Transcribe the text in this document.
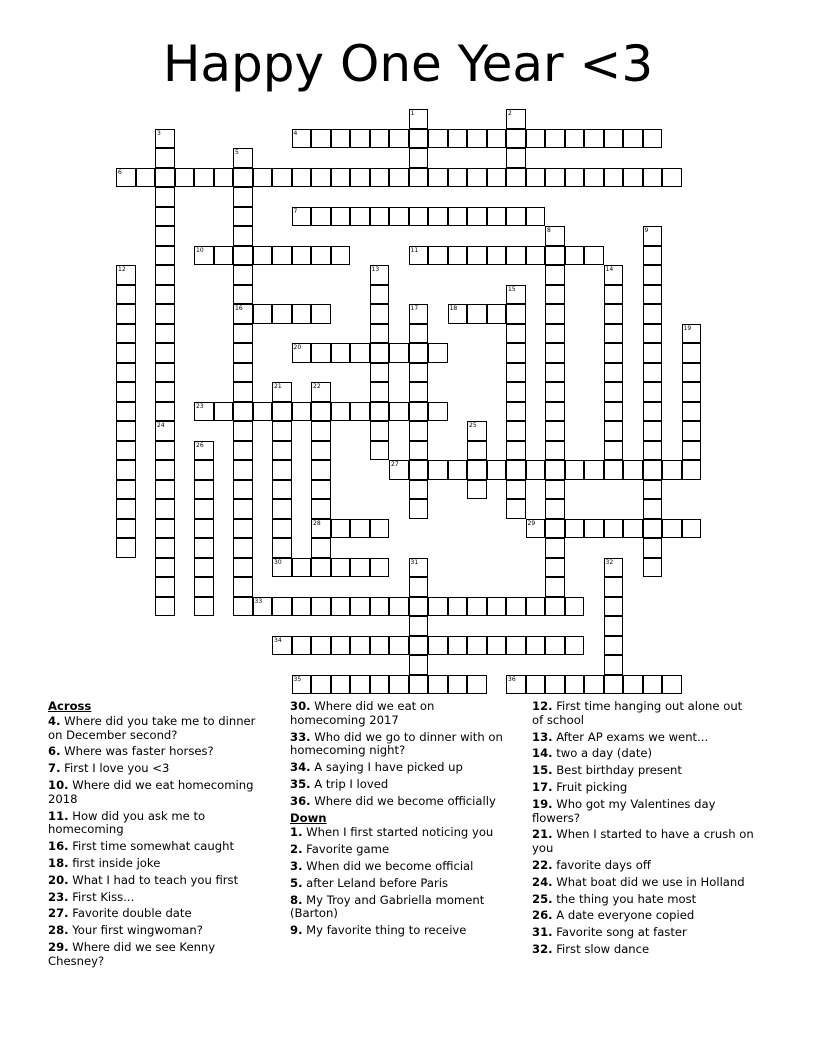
Happy One Year <3
1	2
3	4
5
16
6
7
8	9
10	11
12	13	14
15
17	18
19
20
21	22
28
23
24	25
26
27
29
30	31	32
33
34
35	36
Across
4. Where did you take me to dinner on December second?
6. Where was faster horses?
7. First I love you <3
10. Where did we eat homecoming 2018
11. How did you ask me to homecoming
16. First time somewhat caught
18. first inside joke
20. What I had to teach you first
23. First Kiss...
27. Favorite double date
28. Your first wingwoman?
29. Where did we see Kenny Chesney?
30. Where did we eat on homecoming 2017
33. Who did we go to dinner with on homecoming night?
34. A saying I have picked up
35. A trip I loved
36. Where did we become officially
Down
1. When I first started noticing you
2. Favorite game
3. When did we become official
5. after Leland before Paris
8. My Troy and Gabriella moment (Barton)
9. My favorite thing to receive
12. First time hanging out alone out of school
13. After AP exams we went...
14. two a day (date)
15. Best birthday present
17. Fruit picking
19. Who got my Valentines day flowers?
21. When I started to have a crush on you
22. favorite days off
24. What boat did we use in Holland
25. the thing you hate most
26. A date everyone copied
31. Favorite song at faster
32. First slow dance
